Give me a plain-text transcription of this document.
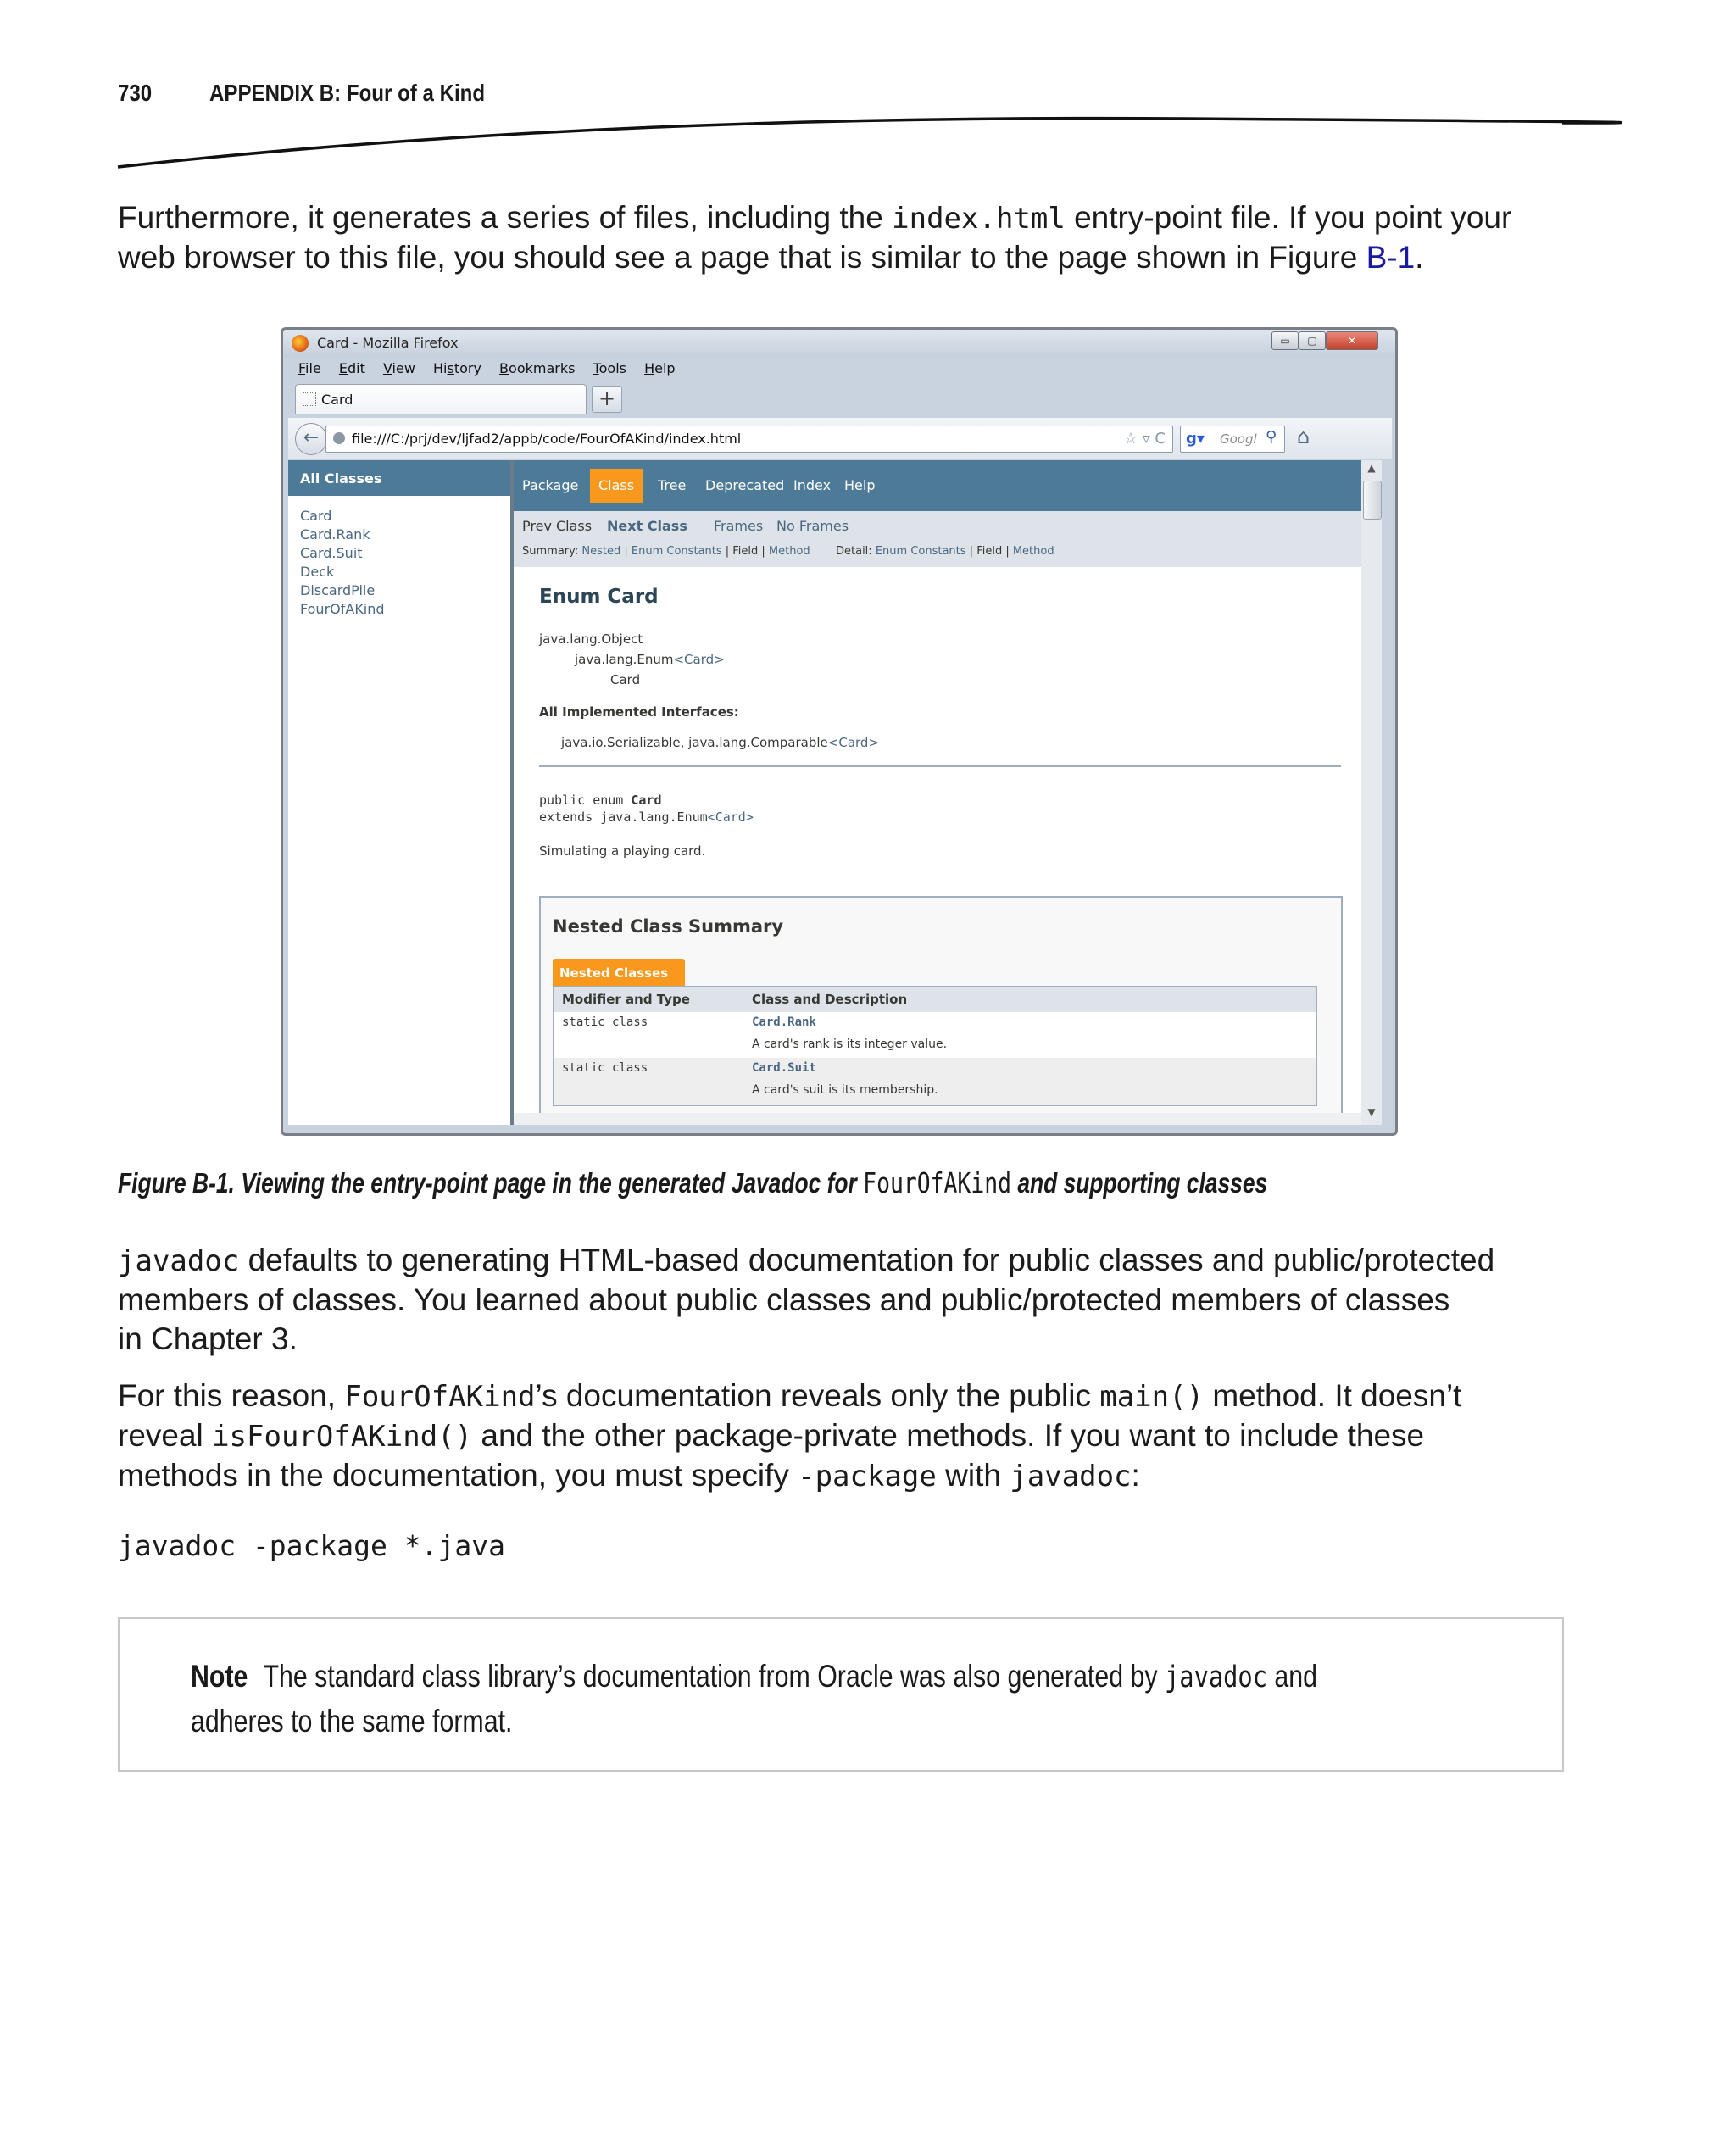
730 APPENDIX B: Four of a Kind
Furthermore, it generates a series of files, including the index.html entry-point file. If you point your
web browser to this file, you should see a page that is similar to the page shown in Figure B-1.
Card - Mozilla Firefox	▭	▢	✕
File Edit View History Bookmarks Tools Help
Card	+
←	file:///C:/prj/dev/ljfad2/appb/code/FourOfAKind/index.html	☆ ▿ C g▾ Googl ⚲ ⌂
All Classes
Card
Card.Rank
Card.Suit
Deck
DiscardPile
FourOfAKind
Package Class Tree Deprecated Index Help
Prev Class Next Class Frames No Frames
Summary: Nested | Enum Constants | Field | Method Detail: Enum Constants | Field | Method
Enum Card
java.lang.Object
java.lang.Enum<Card>
Card
All Implemented Interfaces:
java.io.Serializable, java.lang.Comparable<Card>
public enum Card
extends java.lang.Enum<Card>
Simulating a playing card.
Nested Class Summary
Nested Classes
Modifier and Type	Class and Description
static class	Card.Rank
A card's rank is its integer value.
static class	Card.Suit
A card's suit is its membership.
▲
▼
Figure B-1. Viewing the entry-point page in the generated Javadoc for FourOfAKind and supporting classes
javadoc defaults to generating HTML-based documentation for public classes and public/protected
members of classes. You learned about public classes and public/protected members of classes
in Chapter 3.
For this reason, FourOfAKind’s documentation reveals only the public main() method. It doesn’t
reveal isFourOfAKind() and the other package-private methods. If you want to include these
methods in the documentation, you must specify -package with javadoc:
javadoc -package *.java
Note The standard class library’s documentation from Oracle was also generated by javadoc and
adheres to the same format.
